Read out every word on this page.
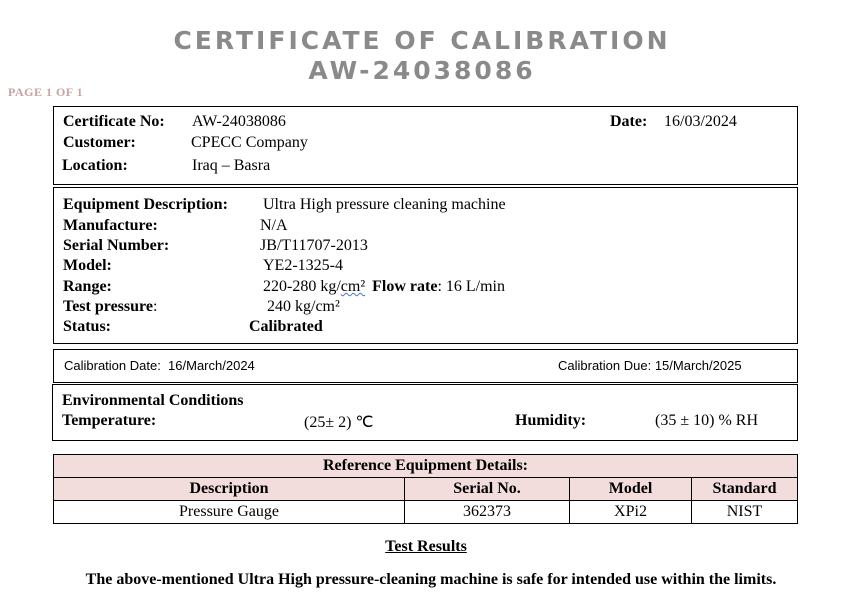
CERTIFICATE OF CALIBRATION
AW-24038086
PAGE 1 OF 1
Certificate No: AW-24038086	Date: 16/03/2024
Customer:	CPECC Company
Location:	Iraq – Basra
Equipment Description: Ultra High pressure cleaning machine
Manufacture:	N/A
Serial Number:	JB/T11707-2013
Model:	YE2-1325-4
Range:	220-280 kg/cm² Flow rate: 16 L/min
Test pressure:	240 kg/cm²
Status:	Calibrated
Calibration Date:  16/March/2024	Calibration Due: 15/March/2025
Environmental Conditions
Temperature:	(25± 2) ℃	Humidity:	(35 ± 10) % RH
Reference Equipment Details:			
Description	Serial No.	Model	Standard
Pressure Gauge	362373	XPi2	NIST
Test Results
The above-mentioned Ultra High pressure-cleaning machine is safe for intended use within the limits.
